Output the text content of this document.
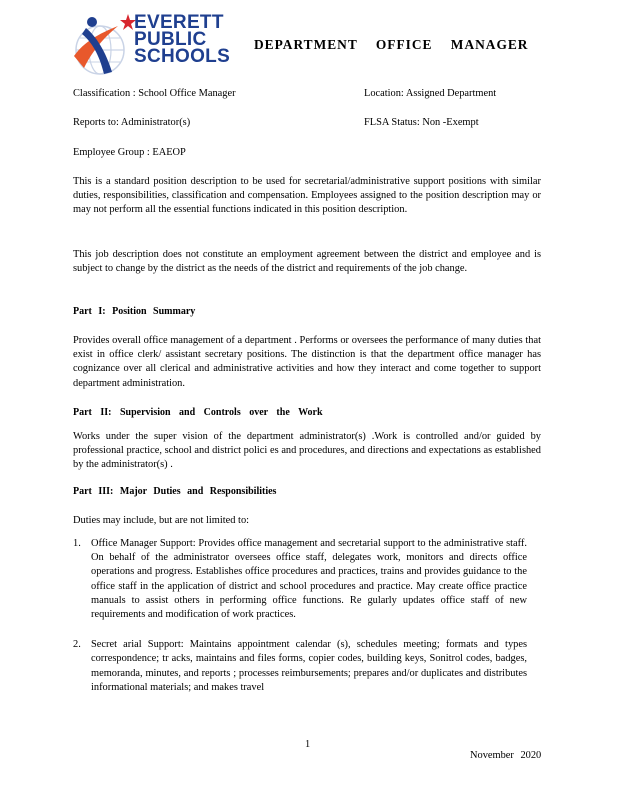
EVERETT
PUBLIC
SCHOOLS
DEPARTMENT OFFICE MANAGER
Classification : School Office Manager	Location: Assigned Department
Reports to: Administrator(s)	FLSA Status: Non -Exempt
Employee Group : EAEOP
This is a standard position description to be used for secretarial/administrative support positions with similar duties, responsibilities, classification and compensation. Employees assigned to the position description may or may not perform all the essential functions indicated in this position description.
This job description does not constitute an employment agreement between the district and employee and is subject to change by the district as the needs of the district and requirements of the job change.
Part I: Position Summary
Provides overall office management of a department . Performs or oversees the performance of many duties that exist in office clerk/ assistant secretary positions. The distinction is that the department office manager has cognizance over all clerical and administrative activities and how they interact and come together to support department administration.
Part II: Supervision and Controls over the Work
Works under the super vision of the department administrator(s) .Work is controlled and/or guided by professional practice, school and district polici es and procedures, and directions and expectations as established by the administrator(s) .
Part III: Major Duties and Responsibilities
Duties may include, but are not limited to:
1. Office Manager Support: Provides office management and secretarial support to the administrative staff. On behalf of the administrator oversees office staff, delegates work, monitors and directs office operations and progress. Establishes office procedures and practices, trains and provides guidance to the office staff in the application of district and school procedures and practice. May create office practice manuals to assist others in performing office functions. Re gularly updates office staff of new requirements and modification of work practices.
2. Secret arial Support: Maintains appointment calendar (s), schedules meeting; formats and types correspondence; tr acks, maintains and files forms, copier codes, building keys, Sonitrol codes, badges, memoranda, minutes, and reports ; processes reimbursements; prepares and/or duplicates and distributes informational materials; and makes travel
1
November 2020
